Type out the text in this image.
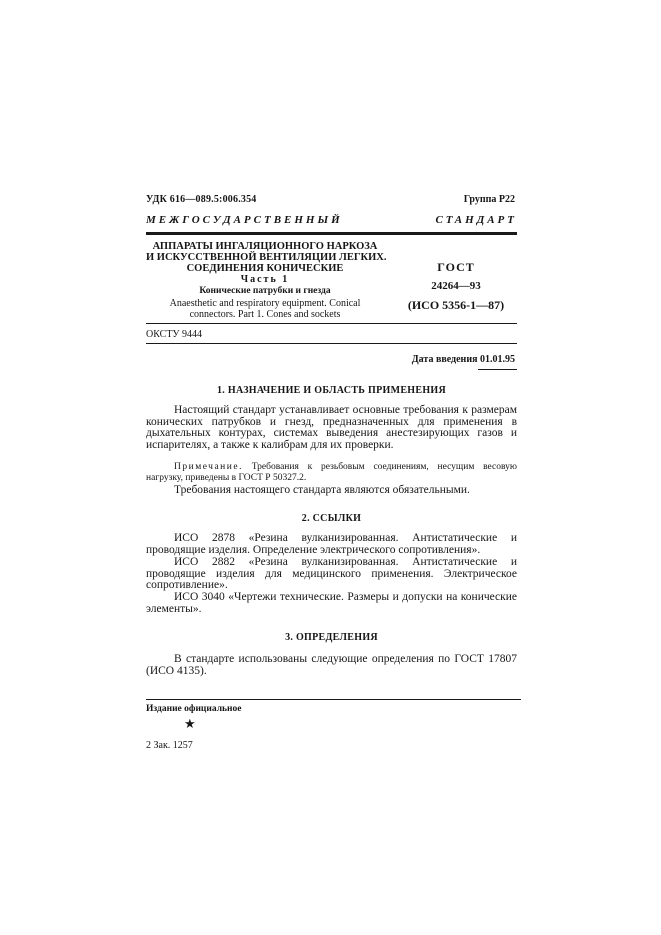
УДК 616—089.5:006.354	Группа Р22
МЕЖГОСУДАРСТВЕННЫЙ СТАНДАРТ
АППАРАТЫ ИНГАЛЯЦИОННОГО НАРКОЗА
И ИСКУССТВЕННОЙ ВЕНТИЛЯЦИИ ЛЕГКИХ.
СОЕДИНЕНИЯ КОНИЧЕСКИЕ
Часть 1
Конические патрубки и гнезда
Anaesthetic and respiratory equipment. Conical
connectors. Part 1. Cones and sockets
ГОСТ
24264—93
(ИСО 5356-1—87)
ОКСТУ 9444
Дата введения 01.01.95
1. НАЗНАЧЕНИЕ И ОБЛАСТЬ ПРИМЕНЕНИЯ
Настоящий стандарт устанавливает основные требования к размерам конических патрубков и гнезд, предназначенных для применения в дыхательных контурах, системах выведения анестезирующих газов и испарителях, а также к калибрам для их проверки.
Примечание. Требования к резьбовым соединениям, несущим весовую нагрузку, приведены в ГОСТ Р 50327.2.
Требования настоящего стандарта являются обязательными.
2. ССЫЛКИ
ИСО 2878 «Резина вулканизированная. Антистатические и проводящие изделия. Определение электрического сопротивления».
ИСО 2882 «Резина вулканизированная. Антистатические и проводящие изделия для медицинского применения. Электрическое сопротивление».
ИСО 3040 «Чертежи технические. Размеры и допуски на конические элементы».
3. ОПРЕДЕЛЕНИЯ
В стандарте использованы следующие определения по ГОСТ 17807 (ИСО 4135).
Издание официальное
★
2 Зак. 1257
